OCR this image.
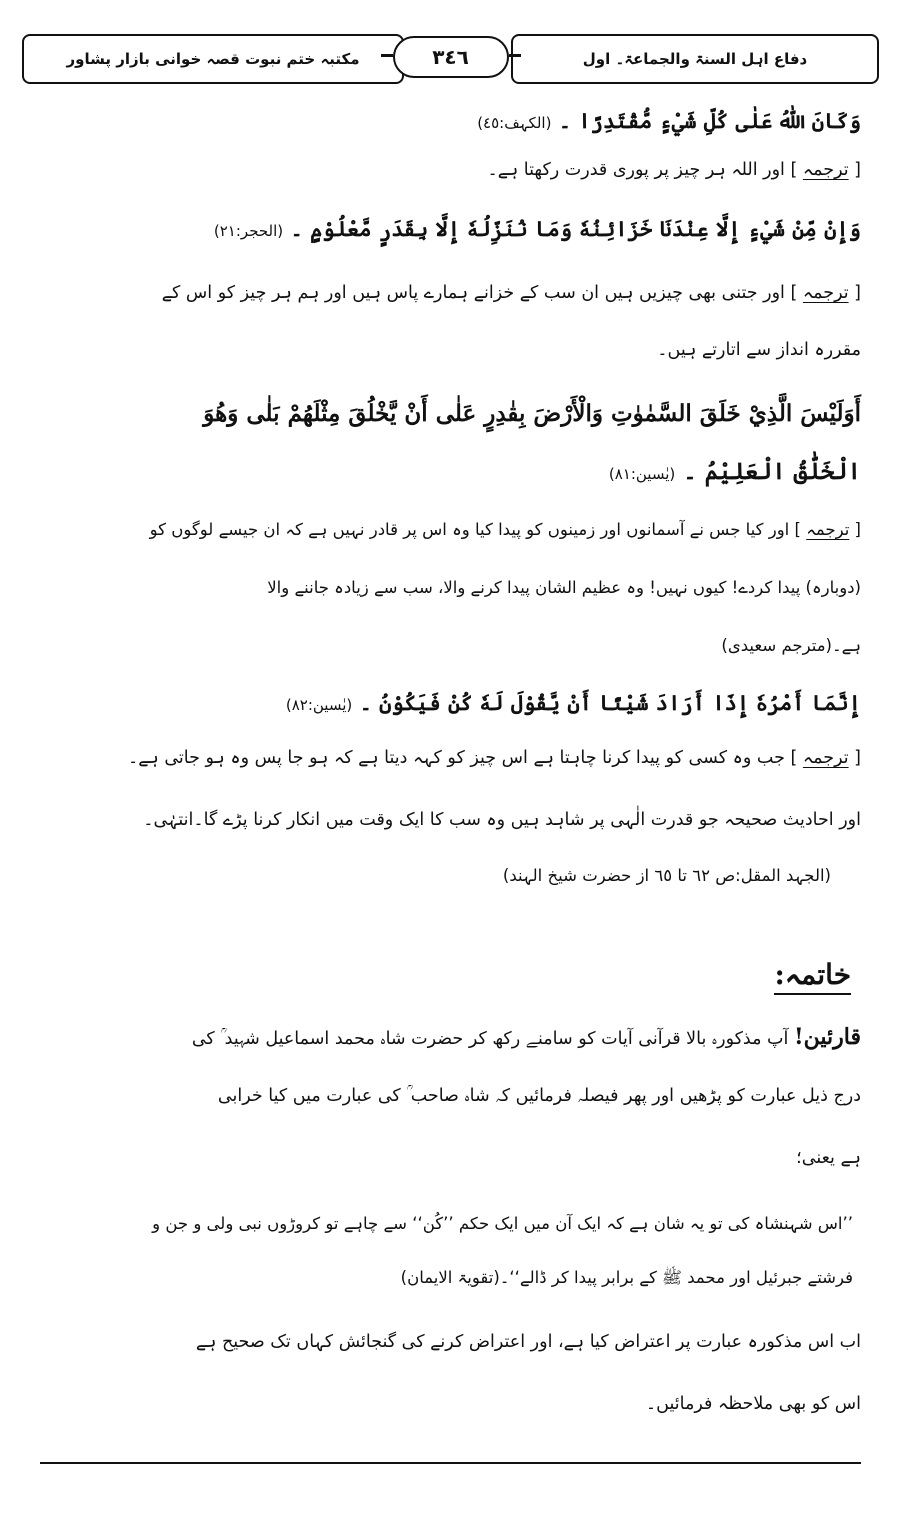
مکتبہ ختم نبوت قصہ خوانی بازار پشاور	٣٤٦	دفاع اہل السنۃ والجماعۃ۔ اول
وَكَانَ اللّٰهُ عَلٰى كُلِّ شَيْءٍ مُّقْتَدِرًا ۔ (الکہف:٤٥)
[ ترجمہ ] اور اللہ ہر چیز پر پوری قدرت رکھتا ہے۔
وَإِنْ مِّنْ شَيْءٍ إِلَّا عِنْدَنَا خَزَائِنُهٗ وَمَا نُنَزِّلُهٗ إِلَّا بِقَدَرٍ مَّعْلُوْمٍ ۔ (الحجر:٢١)
[ ترجمہ ] اور جتنی بھی چیزیں ہیں ان سب کے خزانے ہمارے پاس ہیں اور ہم ہر چیز کو اس کے
مقررہ انداز سے اتارتے ہیں۔
أَوَلَيْسَ الَّذِيْ خَلَقَ السَّمٰوٰتِ وَالْأَرْضَ بِقٰدِرٍ عَلٰى أَنْ يَّخْلُقَ مِثْلَهُمْ بَلٰى وَهُوَ
الْخَلّٰقُ الْعَلِيْمُ ۔ (یٰسین:٨١)
[ ترجمہ ] اور کیا جس نے آسمانوں اور زمینوں کو پیدا کیا وہ اس پر قادر نہیں ہے کہ ان جیسے لوگوں کو
(دوبارہ) پیدا کردے! کیوں نہیں! وہ عظیم الشان پیدا کرنے والا، سب سے زیادہ جاننے والا
ہے۔(مترجم سعیدی)
إِنَّمَا أَمْرُهٗ إِذَا أَرَادَ شَيْئًا أَنْ يَّقُوْلَ لَهٗ كُنْ فَيَكُوْنُ ۔ (یٰسین:٨٢)
[ ترجمہ ] جب وہ کسی کو پیدا کرنا چاہتا ہے اس چیز کو کہہ دیتا ہے کہ ہو جا پس وہ ہو جاتی ہے۔
اور احادیث صحیحہ جو قدرت الٰہی پر شاہد ہیں وہ سب کا ایک وقت میں انکار کرنا پڑے گا۔انتہٰی۔
(الجہد المقل:ص ٦٢ تا ٦٥ از حضرت شیخ الہند)
خاتمہ:
قارئین! آپ مذکورہ بالا قرآنی آیات کو سامنے رکھ کر حضرت شاہ محمد اسماعیل شہید ؒ کی
درج ذیل عبارت کو پڑھیں اور پھر فیصلہ فرمائیں کہ شاہ صاحب ؒ کی عبارت میں کیا خرابی
ہے یعنی؛
’’اس شہنشاہ کی تو یہ شان ہے کہ ایک آن میں ایک حکم ’’کُن‘‘ سے چاہے تو کروڑوں نبی ولی و جن و
فرشتے جبرئیل اور محمد ﷺ کے برابر پیدا کر ڈالے‘‘۔(تقویۃ الایمان)
اب اس مذکورہ عبارت پر اعتراض کیا ہے، اور اعتراض کرنے کی گنجائش کہاں تک صحیح ہے
اس کو بھی ملاحظہ فرمائیں۔
